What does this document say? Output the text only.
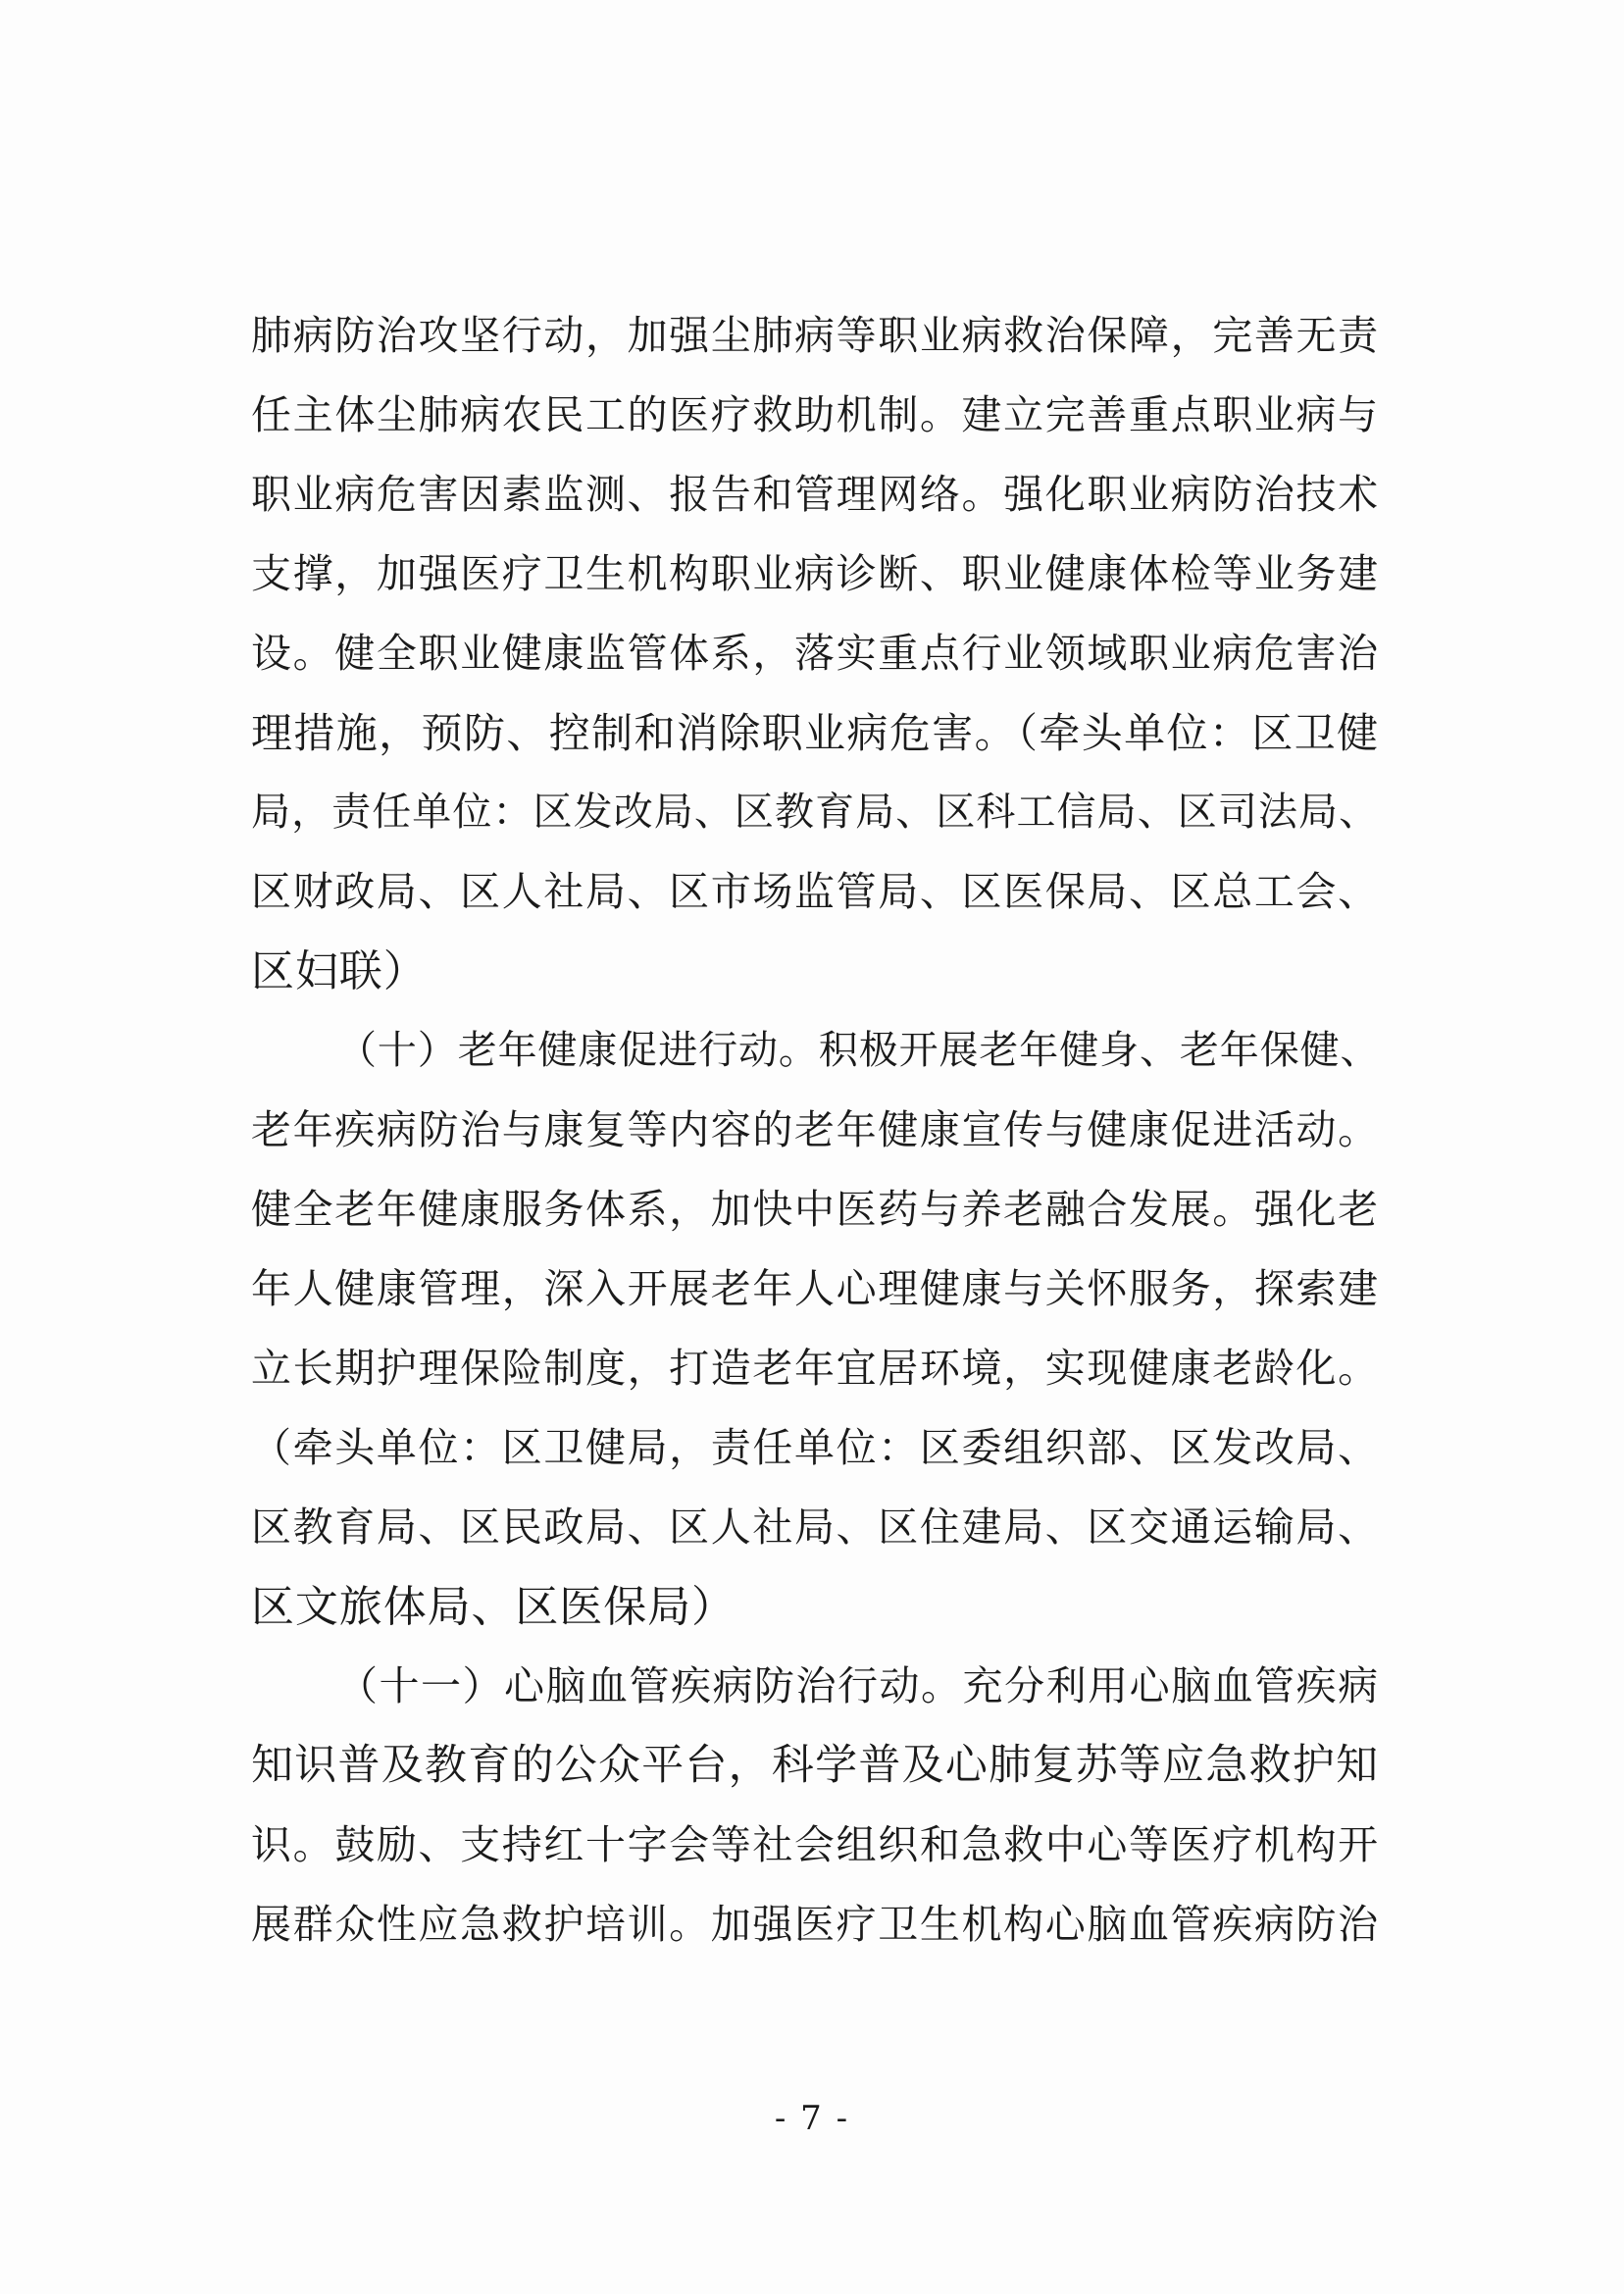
肺病防治攻坚行动，加强尘肺病等职业病救治保障，完善无责
任主体尘肺病农民工的医疗救助机制。建立完善重点职业病与
职业病危害因素监测、报告和管理网络。强化职业病防治技术
支撑，加强医疗卫生机构职业病诊断、职业健康体检等业务建
设。健全职业健康监管体系，落实重点行业领域职业病危害治
理措施，预防、控制和消除职业病危害。（牵头单位：区卫健
局，责任单位：区发改局、区教育局、区科工信局、区司法局、
区财政局、区人社局、区市场监管局、区医保局、区总工会、
区妇联）
（十）老年健康促进行动。积极开展老年健身、老年保健、
老年疾病防治与康复等内容的老年健康宣传与健康促进活动。
健全老年健康服务体系，加快中医药与养老融合发展。强化老
年人健康管理，深入开展老年人心理健康与关怀服务，探索建
立长期护理保险制度，打造老年宜居环境，实现健康老龄化。
（牵头单位：区卫健局，责任单位：区委组织部、区发改局、
区教育局、区民政局、区人社局、区住建局、区交通运输局、
区文旅体局、区医保局）
（十一）心脑血管疾病防治行动。充分利用心脑血管疾病
知识普及教育的公众平台，科学普及心肺复苏等应急救护知
识。鼓励、支持红十字会等社会组织和急救中心等医疗机构开
展群众性应急救护培训。加强医疗卫生机构心脑血管疾病防治
- 7 -
